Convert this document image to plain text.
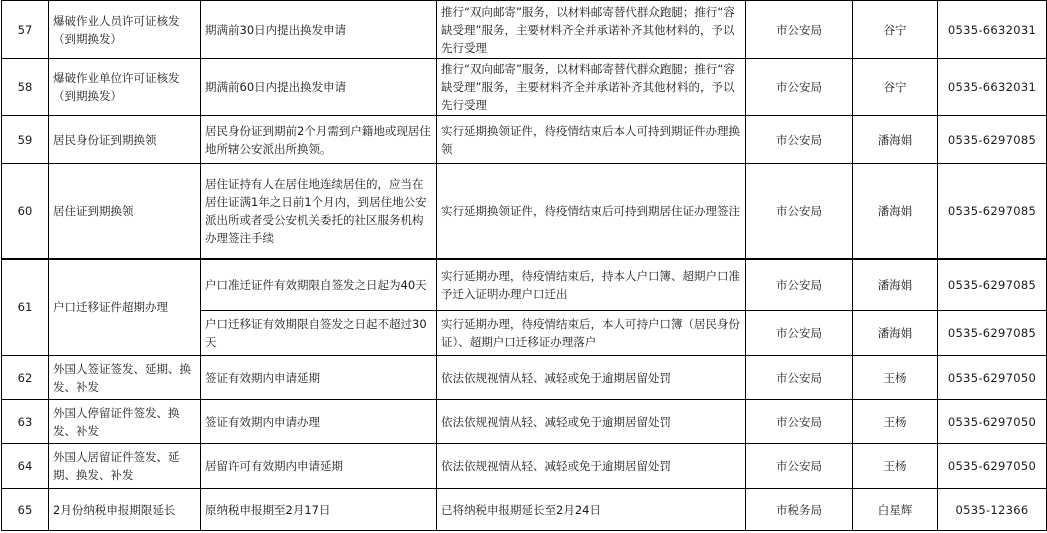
57	爆破作业人员许可证核发（到期换发）	期满前30日内提出换发申请	推行“双向邮寄”服务，以材料邮寄替代群众跑腿；推行“容缺受理”服务，主要材料齐全并承诺补齐其他材料的，予以先行受理	市公安局	谷宁	0535-6632031
58	爆破作业单位许可证核发（到期换发）	期满前60日内提出换发申请	推行“双向邮寄”服务，以材料邮寄替代群众跑腿；推行“容缺受理”服务，主要材料齐全并承诺补齐其他材料的，予以先行受理	市公安局	谷宁	0535-6632031
59	居民身份证到期换领	居民身份证到期前2个月需到户籍地或现居住地所辖公安派出所换领。	实行延期换领证件，待疫情结束后本人可持到期证件办理换领	市公安局	潘海娟	0535-6297085
60	居住证到期换领	居住证持有人在居住地连续居住的，应当在居住证满1年之日前1个月内，到居住地公安派出所或者受公安机关委托的社区服务机构办理签注手续	实行延期换领证件，待疫情结束后可持到期居住证办理签注	市公安局	潘海娟	0535-6297085
61	户口迁移证件超期办理	户口准迁证件有效期限自签发之日起为40天	实行延期办理，待疫情结束后，持本人户口簿、超期户口准予迁入证明办理户口迁出	市公安局	潘海娟	0535-6297085
		户口迁移证有效期限自签发之日起不超过30天	实行延期办理，待疫情结束后，本人可持户口簿（居民身份证）、超期户口迁移证办理落户	市公安局	潘海娟	0535-6297085
62	外国人签证签发、延期、换发、补发	签证有效期内申请延期	依法依规视情从轻、减轻或免于逾期居留处罚	市公安局	王杨	0535-6297050
63	外国人停留证件签发、换发、补发	签证有效期内申请办理	依法依规视情从轻、减轻或免于逾期居留处罚	市公安局	王杨	0535-6297050
64	外国人居留证件签发、延期、换发、补发	居留许可有效期内申请延期	依法依规视情从轻、减轻或免于逾期居留处罚	市公安局	王杨	0535-6297050
65	2月份纳税申报期限延长	原纳税申报期至2月17日	已将纳税申报期延长至2月24日	市税务局	白星辉	0535-12366
